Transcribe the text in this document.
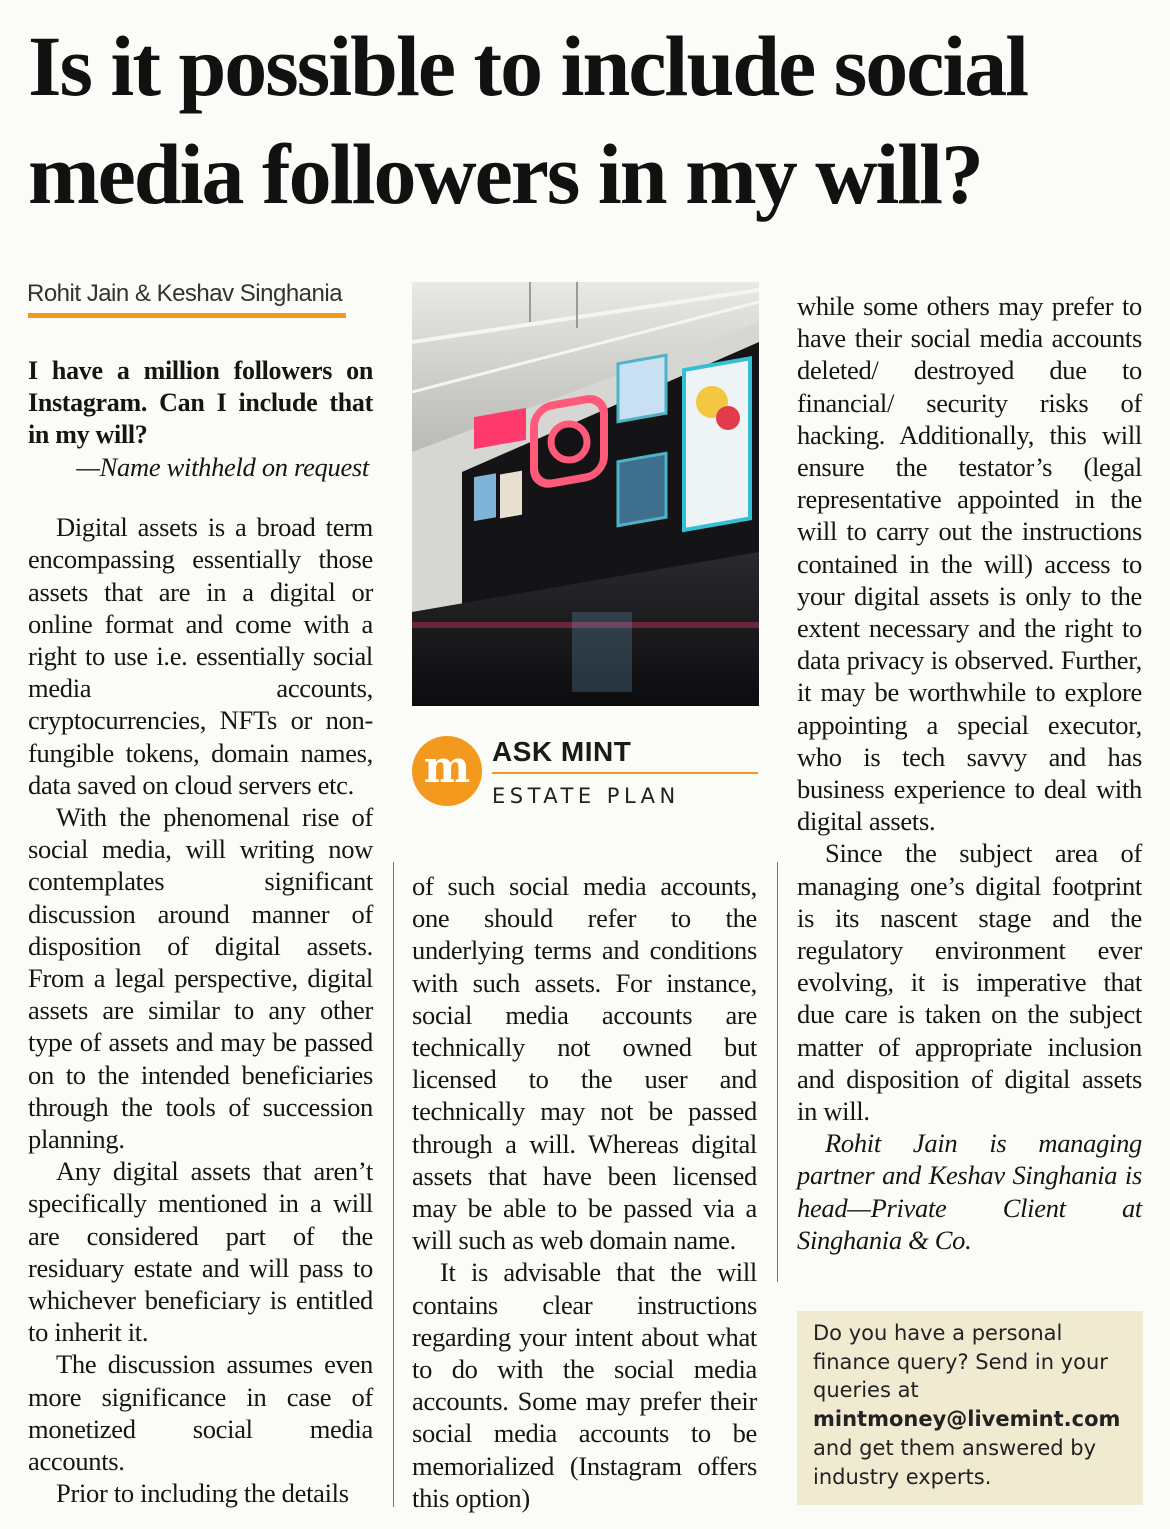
Is it possible to include social media followers in my will?
Rohit Jain & Keshav Singhania

I have a million followers on Instagram. Can I include that in my will?

—Name withheld on request

Digital assets is a broad term encompassing essentially those assets that are in a digital or online format and come with a right to use i.e. essentially social media accounts, cryptocurrencies, NFTs or non-fungible tokens, domain names, data saved on cloud servers etc.

With the phenomenal rise of social media, will writing now contemplates significant discussion around manner of disposition of digital assets. From a legal perspective, digital assets are similar to any other type of assets and may be passed on to the intended beneficiaries through the tools of succession planning.

Any digital assets that aren’t specifically mentioned in a will are considered part of the residuary estate and will pass to whichever beneficiary is entitled to inherit it.

The discussion assumes even more significance in case of monetized social media accounts.

Prior to including the details

m ASK MINT
ESTATE PLAN

of such social media accounts, one should refer to the underlying terms and conditions with such assets. For instance, social media accounts are technically not owned but licensed to the user and technically may not be passed through a will. Whereas digital assets that have been licensed may be able to be passed via a will such as web domain name.

It is advisable that the will contains clear instructions regarding your intent about what to do with the social media accounts. Some may prefer their social media accounts to be memorialized (Instagram offers this option)

while some others may prefer to have their social media accounts deleted/ destroyed due to financial/ security risks of hacking. Additionally, this will ensure the testator’s (legal representative appointed in the will to carry out the instructions contained in the will) access to your digital assets is only to the extent necessary and the right to data privacy is observed. Further, it may be worthwhile to explore appointing a special executor, who is tech savvy and has business experience to deal with digital assets.

Since the subject area of managing one’s digital footprint is its nascent stage and the regulatory environment ever evolving, it is imperative that due care is taken on the subject matter of appropriate inclusion and disposition of digital assets in will.

Rohit Jain is managing partner and Keshav Singhania is head—Private Client at Singhania & Co.

Do you have a personal finance query? Send in your queries at
mintmoney@livemint.com
and get them answered by industry experts.
